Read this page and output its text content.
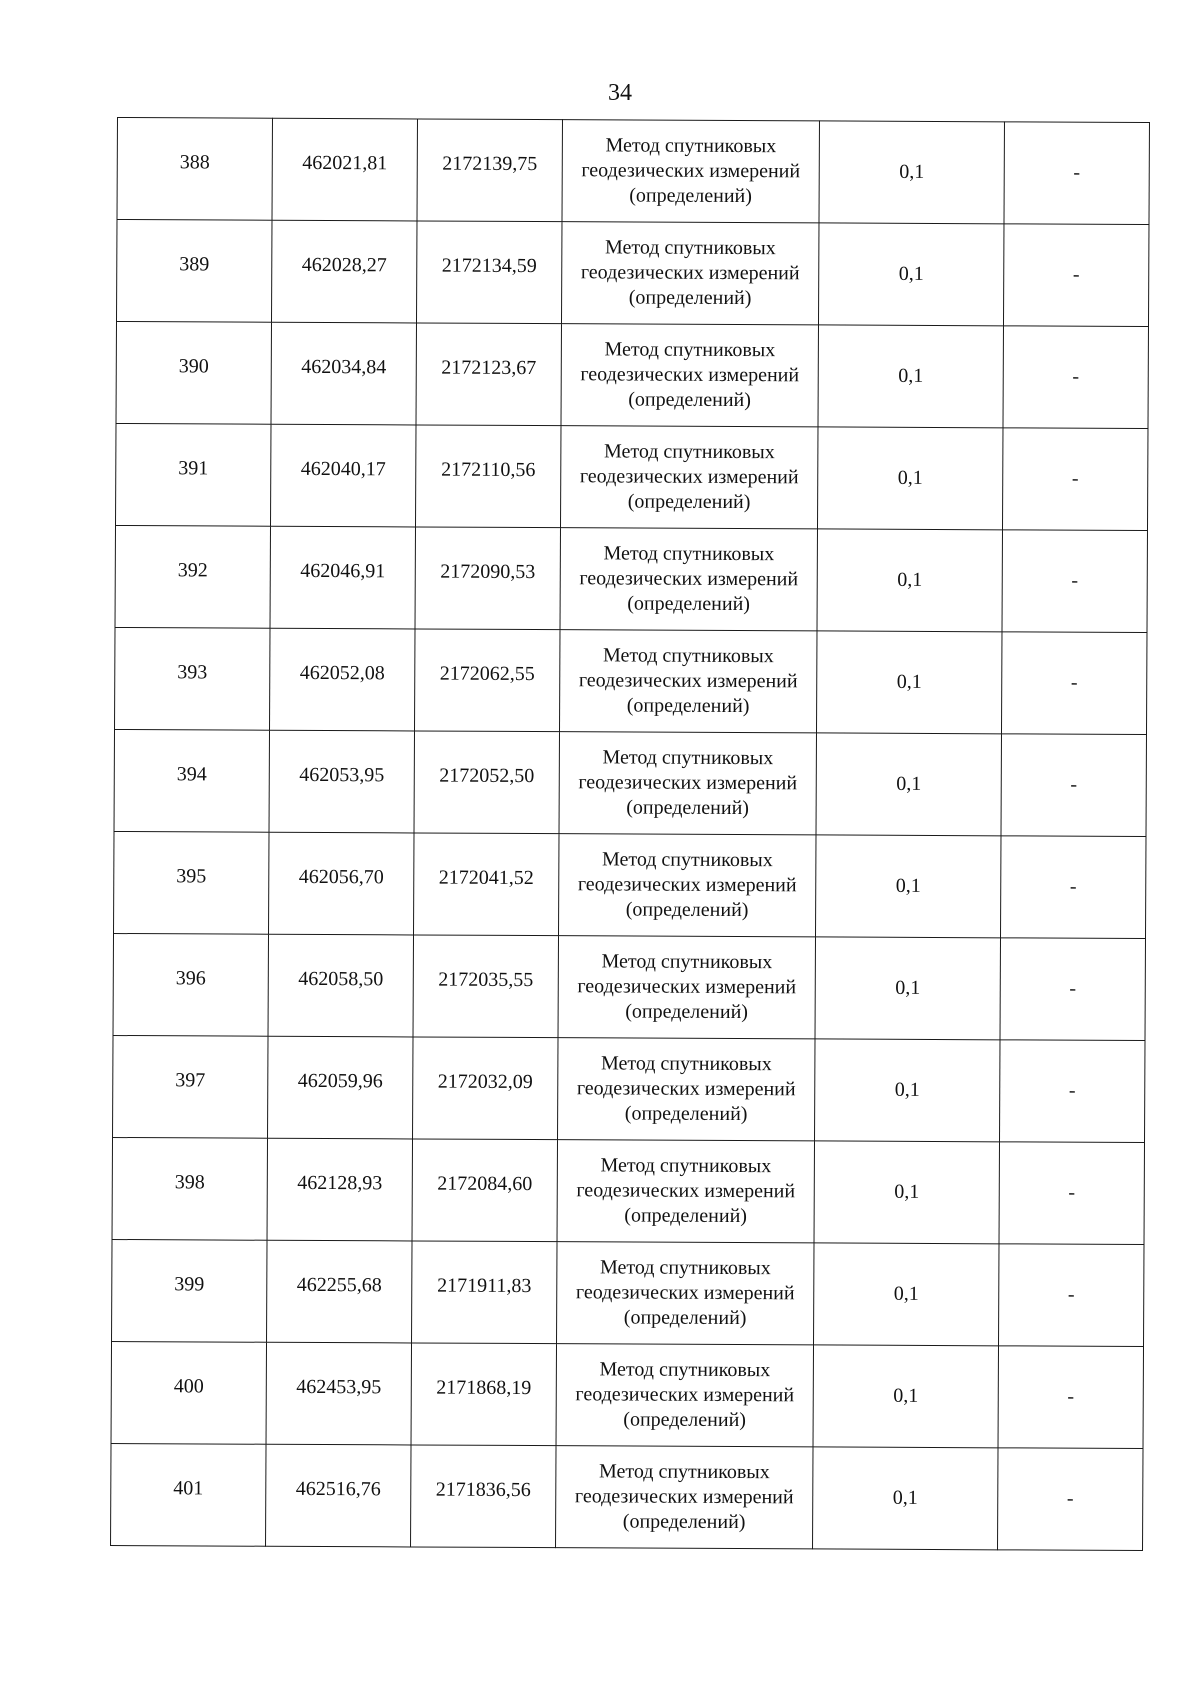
34
388	462021,81	2172139,75	Метод спутниковых геодезических измерений (определений)	0,1	-
389	462028,27	2172134,59	Метод спутниковых геодезических измерений (определений)	0,1	-
390	462034,84	2172123,67	Метод спутниковых геодезических измерений (определений)	0,1	-
391	462040,17	2172110,56	Метод спутниковых геодезических измерений (определений)	0,1	-
392	462046,91	2172090,53	Метод спутниковых геодезических измерений (определений)	0,1	-
393	462052,08	2172062,55	Метод спутниковых геодезических измерений (определений)	0,1	-
394	462053,95	2172052,50	Метод спутниковых геодезических измерений (определений)	0,1	-
395	462056,70	2172041,52	Метод спутниковых геодезических измерений (определений)	0,1	-
396	462058,50	2172035,55	Метод спутниковых геодезических измерений (определений)	0,1	-
397	462059,96	2172032,09	Метод спутниковых геодезических измерений (определений)	0,1	-
398	462128,93	2172084,60	Метод спутниковых геодезических измерений (определений)	0,1	-
399	462255,68	2171911,83	Метод спутниковых геодезических измерений (определений)	0,1	-
400	462453,95	2171868,19	Метод спутниковых геодезических измерений (определений)	0,1	-
401	462516,76	2171836,56	Метод спутниковых геодезических измерений (определений)	0,1	-
